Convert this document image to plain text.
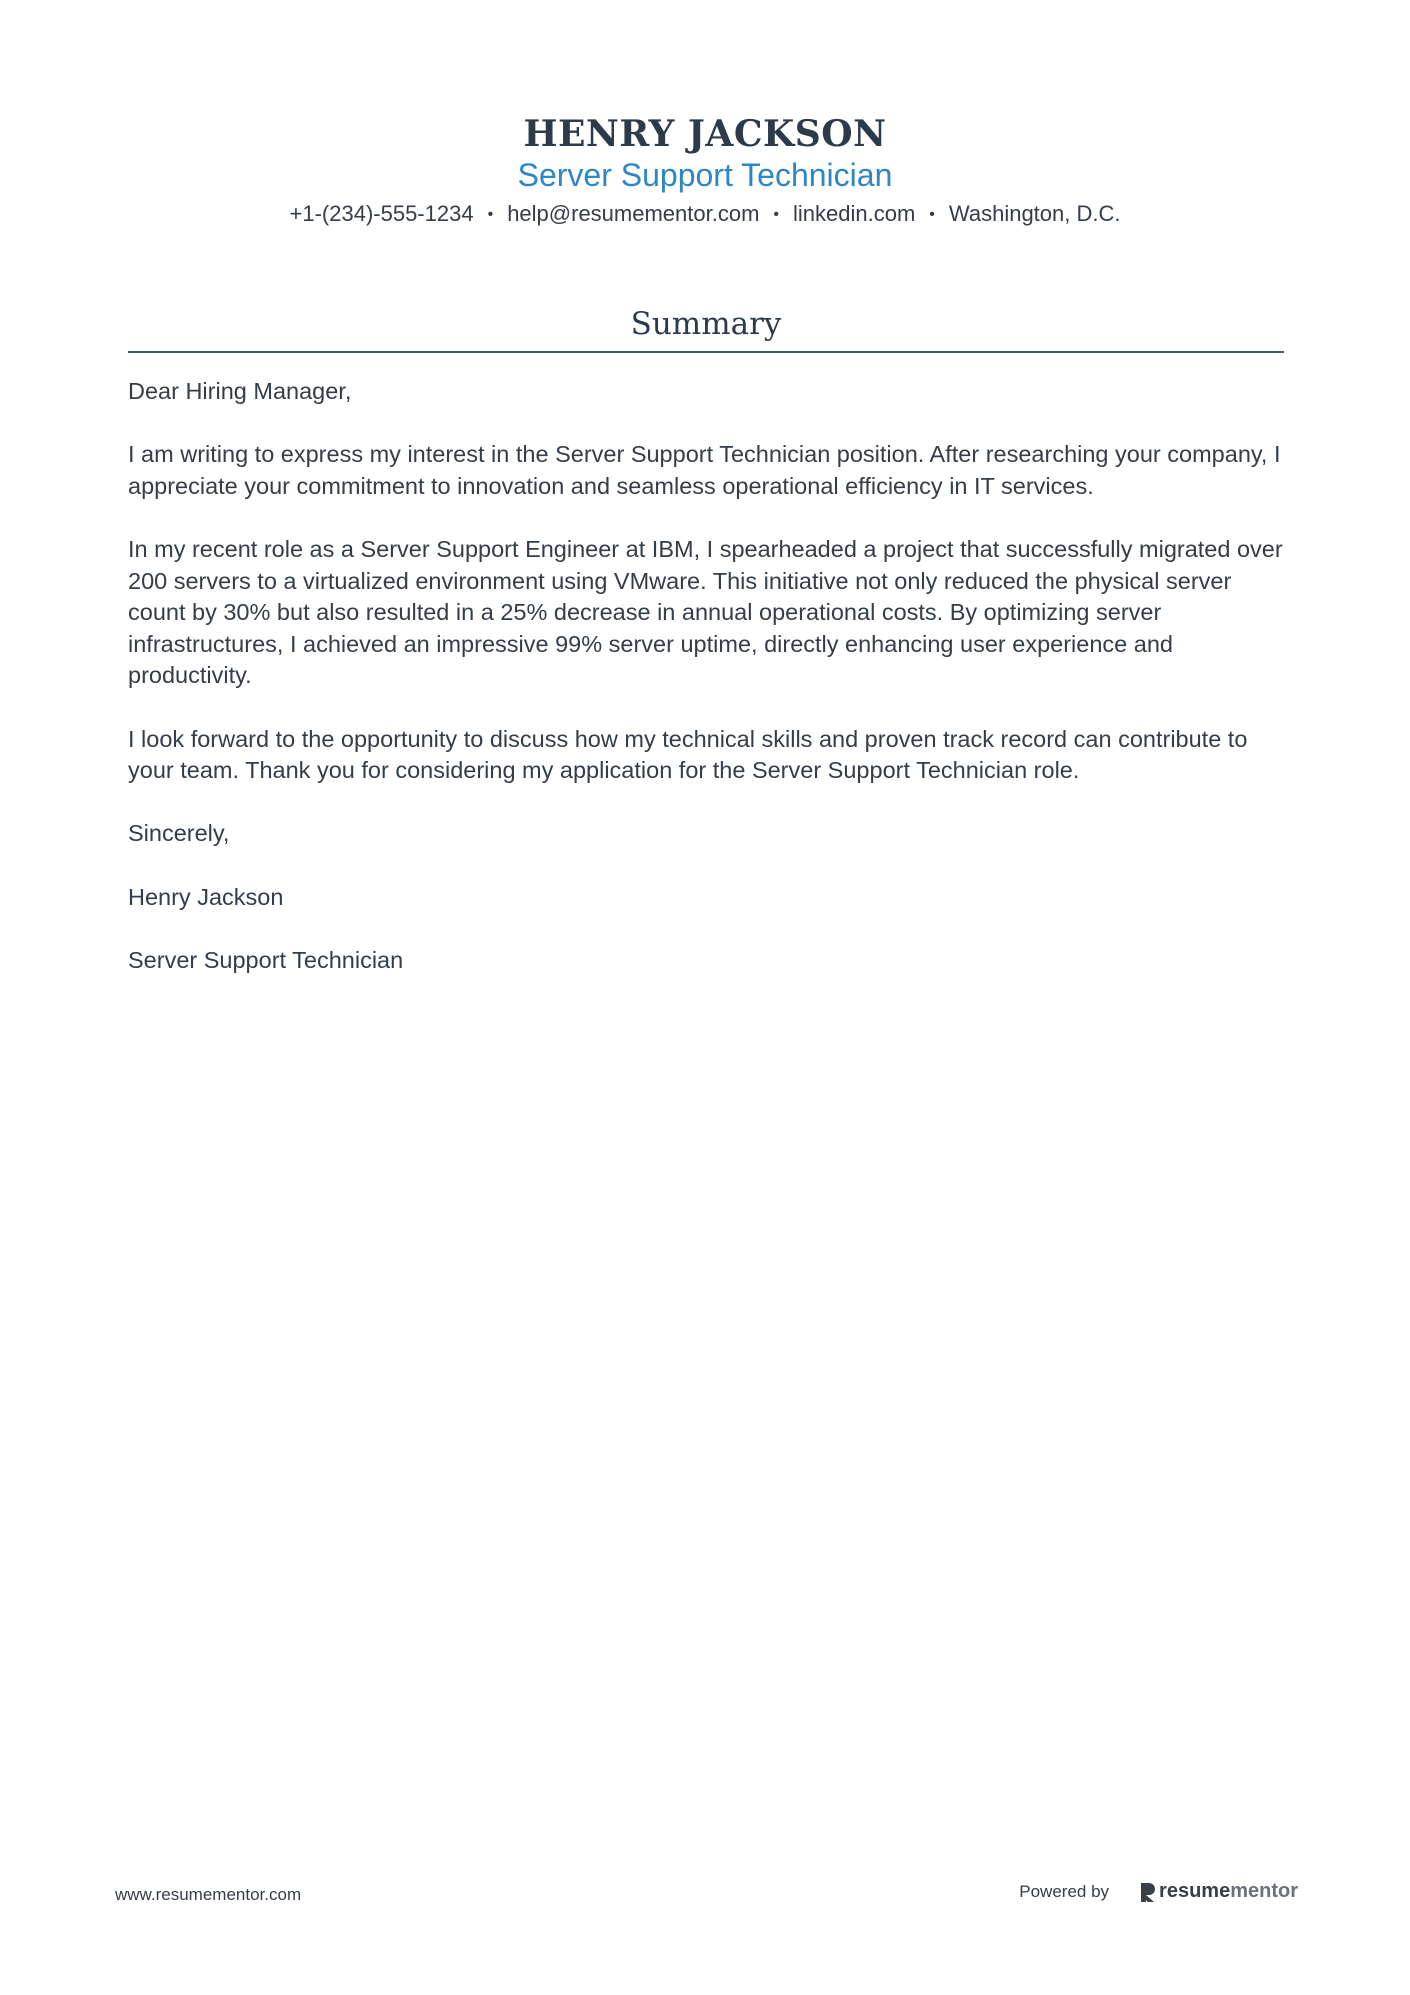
HENRY JACKSON
Server Support Technician
+1-(234)-555-1234 • help@resumementor.com • linkedin.com • Washington, D.C.
Summary

Dear Hiring Manager,

I am writing to express my interest in the Server Support Technician position. After researching your company, I appreciate your commitment to innovation and seamless operational efficiency in IT services.

In my recent role as a Server Support Engineer at IBM, I spearheaded a project that successfully migrated over 200 servers to a virtualized environment using VMware. This initiative not only reduced the physical server count by 30% but also resulted in a 25% decrease in annual operational costs. By optimizing server infrastructures, I achieved an impressive 99% server uptime, directly enhancing user experience and productivity.

I look forward to the opportunity to discuss how my technical skills and proven track record can contribute to your team. Thank you for considering my application for the Server Support Technician role.

Sincerely,

Henry Jackson

Server Support Technician

www.resumementor.com	Powered by	resume mentor
